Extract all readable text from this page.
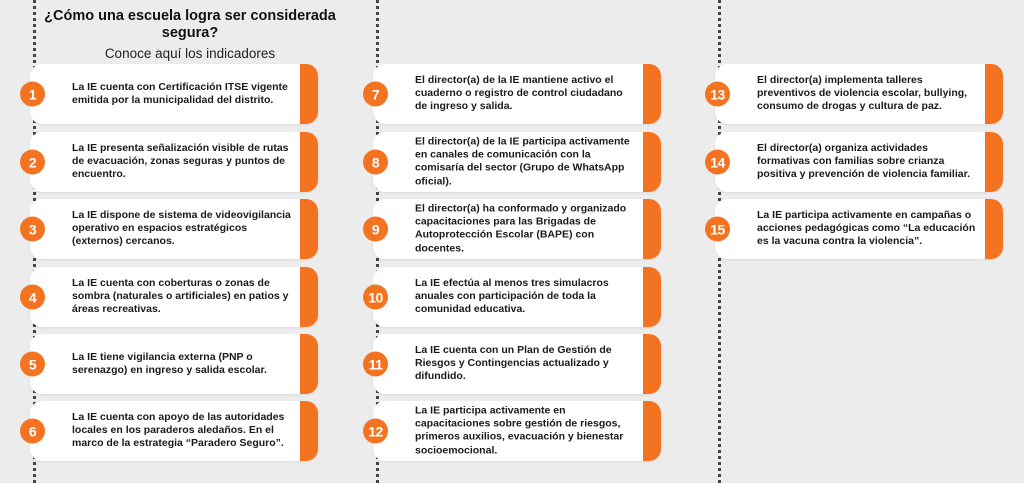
¿Cómo una escuela logra ser considerada segura?
Conoce aquí los indicadores
1	La IE cuenta con Certificación ITSE vigente emitida por la municipalidad del distrito.
2
La IE presenta señalización visible de rutas de evacuación, zonas seguras y puntos de encuentro.
3
La IE dispone de sistema de videovigilancia operativo en espacios estratégicos (externos) cercanos.
4
La IE cuenta con coberturas o zonas de sombra (naturales o artificiales) en patios y áreas recreativas.
5	La IE tiene vigilancia externa (PNP o serenazgo) en ingreso y salida escolar.
6
La IE cuenta con apoyo de las autoridades locales en los paraderos aledaños. En el marco de la estrategia “Paradero Seguro”.
7
El director(a) de la IE mantiene activo el cuaderno o registro de control ciudadano de ingreso y salida.
8
El director(a) de la IE participa activamente en canales de comunicación con la comisaría del sector (Grupo de WhatsApp oficial).
9
El director(a) ha conformado y organizado capacitaciones para las Brigadas de Autoprotección Escolar (BAPE) con docentes.
10
La IE efectúa al menos tres simulacros anuales con participación de toda la comunidad educativa.
11
La IE cuenta con un Plan de Gestión de Riesgos y Contingencias actualizado y difundido.
12
La IE participa activamente en capacitaciones sobre gestión de riesgos, primeros auxilios, evacuación y bienestar socioemocional.
13
El director(a) implementa talleres preventivos de violencia escolar, bullying, consumo de drogas y cultura de paz.
14
El director(a) organiza actividades formativas con familias sobre crianza positiva y prevención de violencia familiar.
15
La IE participa activamente en campañas o acciones pedagógicas como “La educación es la vacuna contra la violencia”.
